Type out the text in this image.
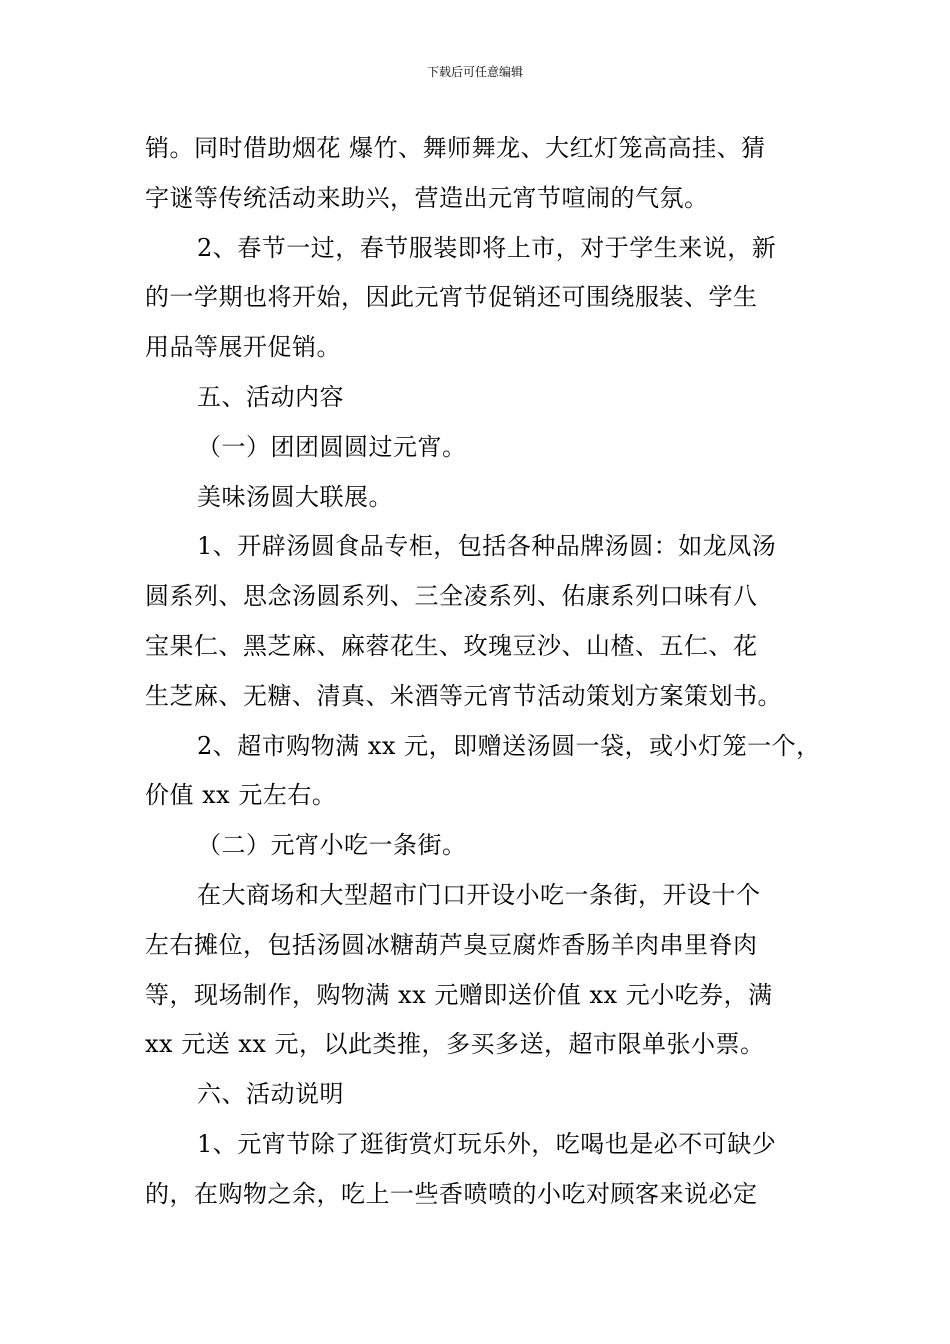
下载后可任意编辑
销。同时借助烟花 爆竹、舞师舞龙、大红灯笼高高挂、猜
字谜等传统活动来助兴，营造出元宵节喧闹的气氛。
2、春节一过，春节服装即将上市，对于学生来说，新
的一学期也将开始，因此元宵节促销还可围绕服装、学生
用品等展开促销。
五、活动内容
（一）团团圆圆过元宵。
美味汤圆大联展。
1、开辟汤圆食品专柜，包括各种品牌汤圆：如龙凤汤
圆系列、思念汤圆系列、三全凌系列、佑康系列口味有八
宝果仁、黑芝麻、麻蓉花生、玫瑰豆沙、山楂、五仁、花
生芝麻、无糖、清真、米酒等元宵节活动策划方案策划书。
2、超市购物满 xx 元，即赠送汤圆一袋，或小灯笼一个，
价值 xx 元左右。
（二）元宵小吃一条街。
在大商场和大型超市门口开设小吃一条街，开设十个
左右摊位，包括汤圆冰糖葫芦臭豆腐炸香肠羊肉串里脊肉
等，现场制作，购物满 xx 元赠即送价值 xx 元小吃券，满
xx 元送 xx 元，以此类推，多买多送，超市限单张小票。
六、活动说明
1、元宵节除了逛街赏灯玩乐外，吃喝也是必不可缺少
的，在购物之余，吃上一些香喷喷的小吃对顾客来说必定
